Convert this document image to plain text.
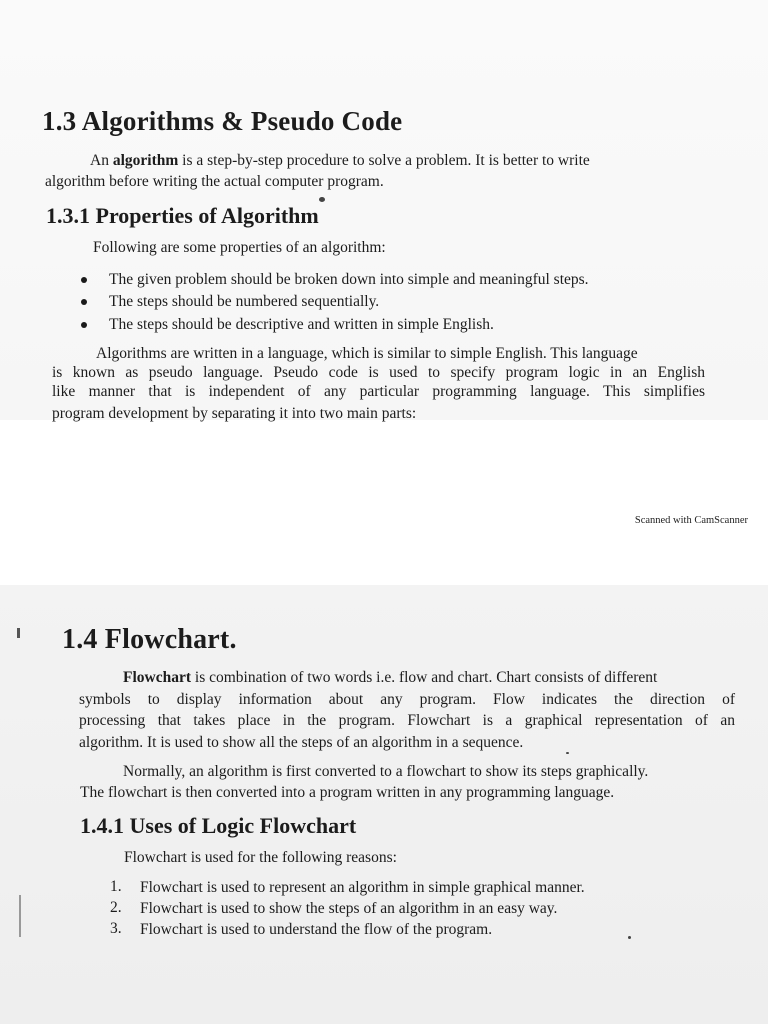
1.3 Algorithms & Pseudo Code
An algorithm is a step-by-step procedure to solve a problem. It is better to write
algorithm before writing the actual computer program.
1.3.1 Properties of Algorithm
Following are some properties of an algorithm:
The given problem should be broken down into simple and meaningful steps.
The steps should be numbered sequentially.
The steps should be descriptive and written in simple English.
Algorithms are written in a language, which is similar to simple English. This language
is known as pseudo language. Pseudo code is used to specify program logic in an English
like manner that is independent of any particular programming language. This simplifies
program development by separating it into two main parts:
Scanned with CamScanner
1.4 Flowchart.
Flowchart is combination of two words i.e. flow and chart. Chart consists of different
symbols to display information about any program. Flow indicates the direction of
processing that takes place in the program. Flowchart is a graphical representation of an
algorithm. It is used to show all the steps of an algorithm in a sequence.
Normally, an algorithm is first converted to a flowchart to show its steps graphically.
The flowchart is then converted into a program written in any programming language.
1.4.1 Uses of Logic Flowchart
Flowchart is used for the following reasons:
1. Flowchart is used to represent an algorithm in simple graphical manner.
2. Flowchart is used to show the steps of an algorithm in an easy way.
3. Flowchart is used to understand the flow of the program.
